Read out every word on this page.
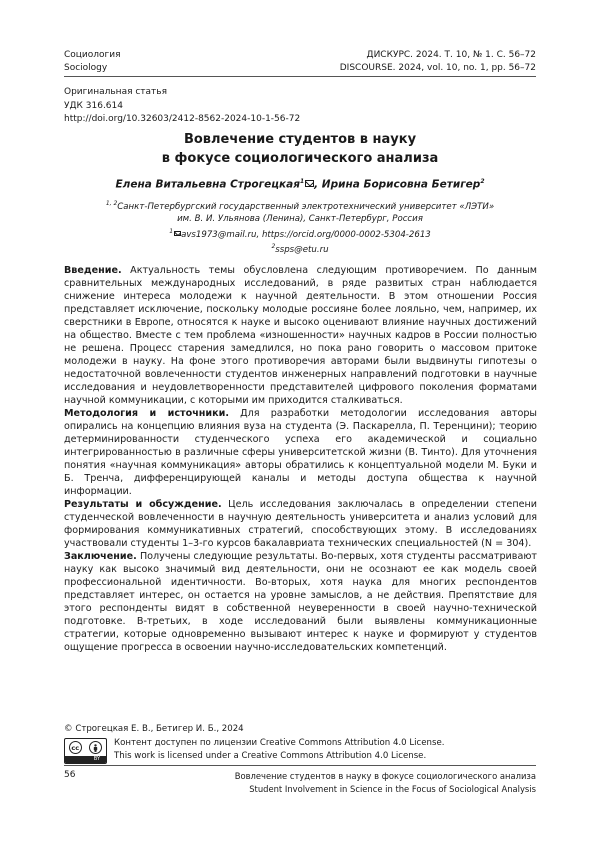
Социология
Sociology
ДИСКУРС. 2024. Т. 10, № 1. С. 56–72
DISCOURSE. 2024, vol. 10, no. 1, pp. 56–72
Оригинальная статья
УДК 316.614
http://doi.org/10.32603/2412-8562-2024-10-1-56-72
Вовлечение студентов в науку
в фокусе социологического анализа
Елена Витальевна Строгецкая$^1$ , Ирина Борисовна Бетигер$^2$
$^{1, 2}$Санкт-Петербургский государственный электротехнический университет «ЛЭТИ»
им. В. И. Ульянова (Ленина), Санкт-Петербург, Россия
$^1$ avs1973@mail.ru, https://orcid.org/0000-0002-5304-2613
$^2$ssps@etu.ru

Введение. Актуальность темы обусловлена следующим противоречием. По данным сравнительных международных исследований, в ряде развитых стран наблюдается снижение интереса молодежи к научной деятельности. В этом отношении Россия представляет исключение, поскольку молодые россияне более лояльно, чем, например, их сверстники в Европе, относятся к науке и высоко оценивают влияние научных достижений на общество. Вместе с тем проблема «изношенности» научных кадров в России полностью не решена. Процесс старения замедлился, но пока рано говорить о массовом притоке молодежи в науку. На фоне этого противоречия авторами были выдвинуты гипотезы о недостаточной вовлеченности студентов инженерных направлений подготовки в научные исследования и неудовлетворенности представителей цифрового поколения форматами научной коммуникации, с которыми им приходится сталкиваться.

Методология и источники. Для разработки методологии исследования авторы опирались на концепцию влияния вуза на студента (Э. Паскарелла, П. Теренцини); теорию детерминированности студенческого успеха его академической и социально интегрированностью в различные сферы университетской жизни (В. Тинто). Для уточнения понятия «научная коммуникация» авторы обратились к концептуальной модели М. Буки и Б. Тренча, дифференцирующей каналы и методы доступа общества к научной информации.

Результаты и обсуждение. Цель исследования заключалась в определении степени студенческой вовлеченности в научную деятельность университета и анализ условий для формирования коммуникативных стратегий, способствующих этому. В исследованиях участвовали студенты 1–3-го курсов бакалавриата технических специальностей (N = 304).

Заключение. Получены следующие результаты. Во-первых, хотя студенты рассматривают науку как высоко значимый вид деятельности, они не осознают ее как модель своей профессиональной идентичности. Во-вторых, хотя наука для многих респондентов представляет интерес, он остается на уровне замыслов, а не действия. Препятствие для этого респонденты видят в собственной неуверенности в своей научно-технической подготовке. В-третьих, в ходе исследований были выявлены коммуникационные стратегии, которые одновременно вызывают интерес к науке и формируют у студентов ощущение прогресса в освоении научно-исследовательских компетенций.

© Строгецкая Е. В., Бетигер И. Б., 2024
cc
BY
Контент доступен по лицензии Creative Commons Attribution 4.0 License.
This work is licensed under a Creative Commons Attribution 4.0 License.
56	Вовлечение студентов в науку в фокусе социологического анализа
Student Involvement in Science in the Focus of Sociological Analysis
